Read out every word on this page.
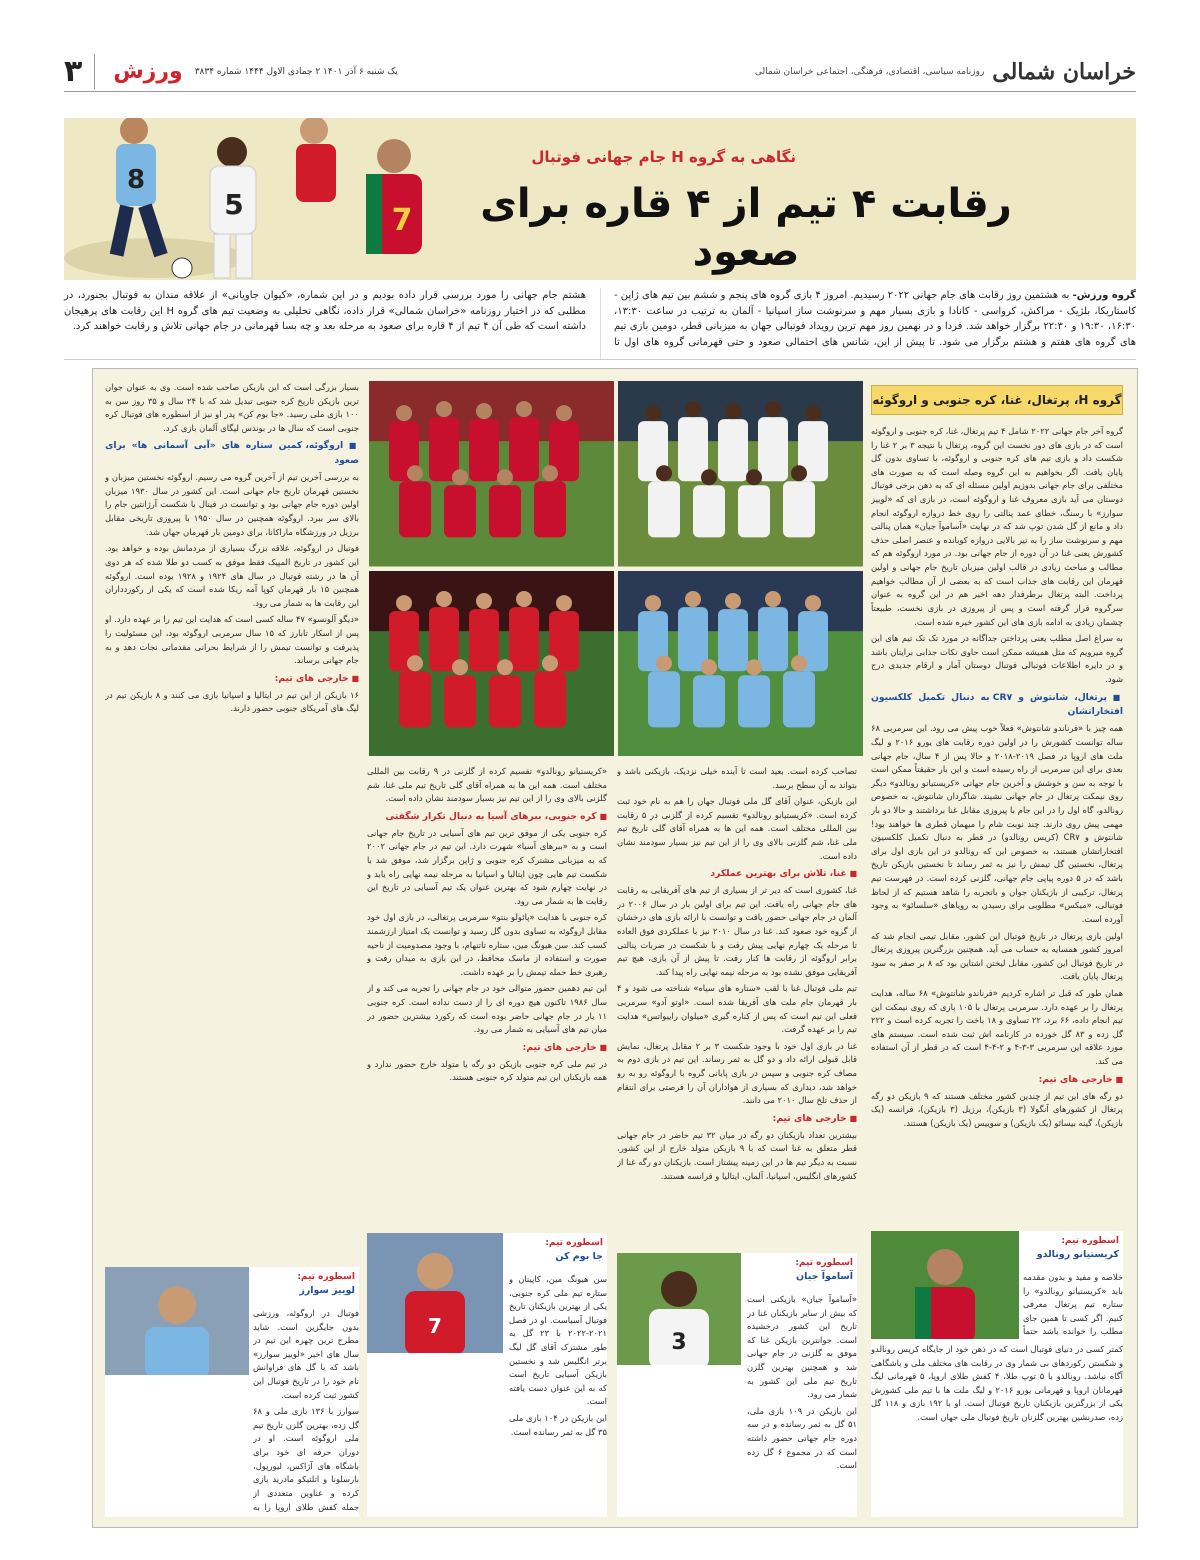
خراسان شمالی
روزنامه سیاسی، اقتصادی، فرهنگی، اجتماعی خراسان شمالی
یک شنبه ۶ آذر ۱۴۰۱ ۲ جمادی الاول ۱۴۴۴ شماره ۳۸۳۴
ورزش
۳
8
5	7
نگاهی به گروه H جام جهانی فوتبال
رقابت ۴ تیم از ۴ قاره برای صعود
گروه ورزش- به هشتمین روز رقابت های جام جهانی ۲۰۲۲ رسیدیم. امروز ۴ بازی گروه های پنجم و ششم بین تیم های ژاپن - کاستاریکا، بلژیک - مراکش، کرواسی - کانادا و بازی بسیار مهم و سرنوشت ساز اسپانیا - آلمان به ترتیب در ساعت ۱۳:۳۰، ۱۶:۳۰، ۱۹:۳۰ و ۲۲:۳۰ برگزار خواهد شد. فردا و در نهمین روز مهم ترین رویداد فوتبالی جهان به میزبانی قطر، دومین بازی تیم های گروه های هفتم و هشتم برگزار می شود. تا پیش از این، شانس های احتمالی صعود و حتی قهرمانی گروه های اول تا هشتم جام جهانی را مورد بررسی قرار داده بودیم و در این شماره، «کیوان جاویانی» از علاقه مندان به فوتبال بجنورد، در مطلبی که در اختیار روزنامه «خراسان شمالی» قرار داده، نگاهی تحلیلی به وضعیت تیم های گروه H این رقابت های پرهیجان داشته است که طی آن ۴ تیم از ۴ قاره برای صعود به مرحله بعد و چه بسا قهرمانی در جام جهانی تلاش و رقابت خواهند کرد.
گروه H، پرتغال، غنا، کره جنوبی و اروگوئه

گروه آخر جام جهانی ۲۰۲۲ شامل ۴ تیم پرتغال، غنا، کره جنوبی و اروگوئه است که در بازی های دور نخست این گروه، پرتغال با نتیجه ۳ بر ۲ غنا را شکست داد و بازی تیم های کره جنوبی و اروگوئه، با تساوی بدون گل پایان یافت. اگر بخواهیم به این گروه وصله است که به صورت های مختلفی برای جام جهانی بدوزیم اولین مسئله ای که به ذهن برخی فوتبال دوستان می آید بازی معروف غنا و اروگوئه است، در بازی ای که «لوییز سوارز» با رسنگ، خطای عمد پنالتی را روی خط دروازه اروگوئه انجام داد و مانع از گل شدن توپ شد که در نهایت «آساموآ جیان» همان پنالتی مهم و سرنوشت ساز را به تیر بالایی دروازه کوبانده و عنصر اصلی حذف کشورش یعنی غنا در آن دوره از جام جهانی بود. در مورد اروگوئه هم که مطالب و مباحث زیادی در قالب اولین میزبان تاریخ جام جهانی و اولین قهرمان این رقابت های جذاب است که به بعضی از آن مطالب خواهیم پرداخت. البته پرتغال برطرفدار دهه اخیر هم در این گروه به عنوان سرگروه قرار گرفته است و پس از پیروزی در بازی نخست، طبیعتاً چشمان زیادی به ادامه بازی های این کشور خیره شده است.

به سراغ اصل مطلب یعنی پرداختن جداگانه در مورد تک تک تیم های این گروه میرویم که مثل همیشه ممکن است حاوی نکات جذابی برایتان باشد و در دایره اطلاعات فوتبالی فوتبال دوستان آمار و ارقام جدیدی درج شود.

■ پرتغال، شانتوش و CR۷ به دنبال تکمیل کلکسیون افتخاراتشان

همه چیز با «فرناندو شانتوش» فعلاً خوب پیش می رود. این سرمربی ۶۸ ساله توانست کشورش را در اولین دوره رقابت های یورو ۲۰۱۶ و لیگ ملت های اروپا در فصل ۲۰۱۹-۲۰۱۸ و حالا پس از ۴ سال، جام جهانی بعدی برای این سرمربی از راه رسیده است و این بار حقیقتاً ممکن است با توجه به سن و خوشش و آخرین جام جهانی «کریستیانو رونالدو» دیگر روی نیمکت پرتغال در جام جهانی نشیند. شاگردان شانتوش، به خصوص رونالدو، گاه اول را در این جام با پیروزی مقابل غنا برداشتند و حالا دو بار مهمی پیش روی دارند. چند نوبت شام را میهمان قطری ها خواهند بود! شانتوش و CR۷ (کریس رونالدو) در قطر به دنبال تکمیل کلکسیون افتخاراتشان هستند، به خصوص این که رونالدو در این بازی اول برای پرتغال، نخستین گل تیمش را نیز به ثمر رساند تا نخستین بازیکن تاریخ باشد که در ۵ دوره پیاپی جام جهانی، گلزنی کرده است. در فهرست تیم پرتغال، ترکیبی از بازیکنان جوان و باتجربه را شاهد هستیم که از لحاظ فوتبالی، «میکس» مطلوبی برای رسیدن به رویاهای «سلسائو» به وجود آورده است.

اولین بازی پرتغال در تاریخ فوتبال این کشور، مقابل تیمی انجام شد که امروز کشور همسایه به حساب می آید. همچنین بزرگترین پیروزی پرتغال در تاریخ فوتبال این کشور، مقابل لیختن اشتاین بود که ۸ بر صفر به سود پرتغال پایان یافت.

همان طور که قبل تر اشاره کردیم «فرناندو شانتوش» ۶۸ ساله، هدایت پرتغال را بر عهده دارد. سرمربی پرتغال با ۱۰۵ بازی که روی نیمکت این تیم انجام داده، ۶۶ برد، ۲۲ تساوی و ۱۸ باخت را تجربه کرده است و ۲۲۲ گل زده و ۸۳ گل خورده در کارنامه اش ثبت شده است. سیستم های مورد علاقه این سرمربی ۳-۳-۴ و ۲-۴-۴ است که در قطر از آن استفاده می کند.

■ خارجی های تیم:

دو رگه های این تیم از چندین کشور مختلف هستند که ۹ بازیکن دو رگه پرتغال از کشورهای آنگولا (۳ بازیکن)، برزیل (۳ بازیکن)، فرانسه (یک بازیکن)، گینه بیسائو (یک بازیکن) و سوییس (یک بازیکن) هستند.

اسطوره تیم:
کریستیانو رونالدو

خلاصه و مفید و بدون مقدمه باید «کریستیانو رونالدو» را ستاره تیم پرتغال معرفی کنیم. اگر کسی تا همین جای مطلب را خوانده باشد حتماً

کمتر کسی در دنیای فوتبال است که در ذهن خود از جایگاه کریس رونالدو و شکستن رکوردهای بی شمار وی در رقابت های مختلف ملی و باشگاهی آگاه نباشد. رونالدو با ۵ توپ طلا، ۴ کفش طلای اروپا، ۵ قهرمانی لیگ قهرمانان اروپا و قهرمانی یورو ۲۰۱۶ و لیگ ملت ها با تیم ملی کشورش یکی از بزرگترین بازیکنان تاریخ فوتبال است. او با ۱۹۲ بازی و ۱۱۸ گل زده، صدرنشین بهترین گلزنان تاریخ فوتبال ملی جهان است.

تصاحب کرده است. بعید است تا آینده خیلی نزدیک، بازیکنی باشد و بتواند به آن سطح برسد.

این بازیکن، عنوان آقای گل ملی فوتبال جهان را هم به نام خود ثبت کرده است. «کریستیانو رونالدو» تقسیم کرده از گلزنی در ۵ رقابت بین المللی مختلف است. همه این ها به همراه آقای گلی تاریخ تیم ملی غنا، شم گلزنی بالای وی را از این تیم نیز بسیار سودمند نشان داده است.

■ غنا، تلاش برای بهترین عملکرد

غنا، کشوری است که دیر تر از بسیاری از تیم های آفریقایی به رقابت های جام جهانی راه یافت. این تیم برای اولین بار در سال ۲۰۰۶ در آلمان در جام جهانی حضور یافت و توانست با ارائه بازی های درخشان از گروه خود صعود کند. غنا در سال ۲۰۱۰ نیز با عملکردی فوق العاده تا مرحله یک چهارم نهایی پیش رفت و با شکست در ضربات پنالتی برابر اروگوئه از رقابت ها کنار رفت. تا پیش از آن بازی، هیچ تیم آفریقایی موفق نشده بود به مرحله نیمه نهایی راه پیدا کند.

تیم ملی فوتبال غنا با لقب «ستاره های سیاه» شناخته می شود و ۴ بار قهرمان جام ملت های آفریقا شده است. «اوتو آدو» سرمربی فعلی این تیم است که پس از کناره گیری «میلوان راییواتس» هدایت تیم را بر عهده گرفت.

غنا در بازی اول خود با وجود شکست ۳ بر ۲ مقابل پرتغال، نمایش قابل قبولی ارائه داد و دو گل به ثمر رساند. این تیم در بازی دوم به مصاف کره جنوبی و سپس در بازی پایانی گروه با اروگوئه رو به رو خواهد شد، دیداری که بسیاری از هواداران آن را فرصتی برای انتقام از حذف تلخ سال ۲۰۱۰ می دانند.

■ خارجی های تیم:

بیشترین تعداد بازیکنان دو رگه در میان ۳۲ تیم حاضر در جام جهانی قطر متعلق به غنا است که با ۹ بازیکن متولد خارج از این کشور، نسبت به دیگر تیم ها در این زمینه پیشتاز است. بازیکنان دو رگه غنا از کشورهای انگلیس، اسپانیا، آلمان، ایتالیا و فرانسه هستند.

3
اسطوره تیم:
آساموآ جیان

«آساموآ جیان» بازیکنی است که بیش از سایر بازیکنان غنا در تاریخ این کشور درخشیده است. جوانترین بازیکن غنا که موفق به گلزنی در جام جهانی شد و همچنین بهترین گلزن تاریخ تیم ملی این کشور به شمار می رود.

این بازیکن در ۱۰۹ بازی ملی، ۵۱ گل به ثمر رسانده و در سه دوره جام جهانی حضور داشته است که در مجموع ۶ گل زده است.

«کریستیانو رونالدو» تقسیم کرده از گلزنی در ۹ رقابت بین المللی مختلف است. همه این ها به همراه آقای گلی تاریخ تیم ملی غنا، شم گلزنی بالای وی را از این تیم نیز بسیار سودمند نشان داده است.

■ کره جنوبی، ببرهای آسیا به دنبال تکرار شگفتی

کره جنوبی یکی از موفق ترین تیم های آسیایی در تاریخ جام جهانی است و به «ببرهای آسیا» شهرت دارد. این تیم در جام جهانی ۲۰۰۲ که به میزبانی مشترک کره جنوبی و ژاپن برگزار شد، موفق شد با شکست تیم هایی چون ایتالیا و اسپانیا به مرحله نیمه نهایی راه یابد و در نهایت چهارم شود که بهترین عنوان یک تیم آسیایی در تاریخ این رقابت ها به شمار می رود.

کره جنوبی با هدایت «پائولو بنتو» سرمربی پرتغالی، در بازی اول خود مقابل اروگوئه به تساوی بدون گل رسید و توانست یک امتیاز ارزشمند کسب کند. سن هیونگ مین، ستاره تاتنهام، با وجود مصدومیت از ناحیه صورت و استفاده از ماسک محافظ، در این بازی به میدان رفت و رهبری خط حمله تیمش را بر عهده داشت.

این تیم دهمین حضور متوالی خود در جام جهانی را تجربه می کند و از سال ۱۹۸۶ تاکنون هیچ دوره ای را از دست نداده است. کره جنوبی ۱۱ بار در جام جهانی حاضر بوده است که رکورد بیشترین حضور در میان تیم های آسیایی به شمار می رود.

■ خارجی های تیم:

در تیم ملی کره جنوبی بازیکن دو رگه یا متولد خارج حضور ندارد و همه بازیکنان این تیم متولد کره جنوبی هستند.

7
اسطوره تیم:
جا بوم کن

سن هیونگ مین، کاپیتان و ستاره تیم ملی کره جنوبی، یکی از بهترین بازیکنان تاریخ فوتبال آسیاست. او در فصل ۲۰۲۱-۲۰۲۲ با ۲۳ گل به طور مشترک آقای گل لیگ برتر انگلیس شد و نخستین بازیکن آسیایی تاریخ است که به این عنوان دست یافته است.

این بازیکن در ۱۰۴ بازی ملی ۳۵ گل به ثمر رسانده است.

بسیار بزرگی است که این بازیکن صاحب شده است. وی به عنوان جوان ترین بازیکن تاریخ کره جنوبی تبدیل شد که با ۲۴ سال و ۳۵ روز سن به ۱۰۰ بازی ملی رسید. «جا بوم کن» پدر او نیز از اسطوره های فوتبال کره جنوبی است که سال ها در بوندس لیگای آلمان بازی کرد.

■ اروگوئه، کمین ستاره های «آبی آسمانی ها» برای صعود

به بررسی آخرین تیم از آخرین گروه می رسیم. اروگوئه نخستین میزبان و نخستین قهرمان تاریخ جام جهانی است. این کشور در سال ۱۹۳۰ میزبان اولین دوره جام جهانی بود و توانست در فینال با شکست آرژانتین جام را بالای سر ببرد. اروگوئه همچنین در سال ۱۹۵۰ با پیروزی تاریخی مقابل برزیل در ورزشگاه ماراکانا، برای دومین بار قهرمان جهان شد.

فوتبال در اروگوئه، علاقه بزرگ بسیاری از مردمانش بوده و خواهد بود. این کشور در تاریخ المپیک فقط موفق به کسب دو طلا شده که هر دوی آن ها در رشته فوتبال در سال های ۱۹۲۴ و ۱۹۲۸ بوده است. اروگوئه همچنین ۱۵ بار قهرمان کوپا آمه ریکا شده است که یکی از رکوردداران این رقابت ها به شمار می رود.

«دیگو آلونسو» ۴۷ ساله کسی است که هدایت این تیم را بر عهده دارد. او پس از اسکار تابارز که ۱۵ سال سرمربی اروگوئه بود، این مسئولیت را پذیرفت و توانست تیمش را از شرایط بحرانی مقدماتی نجات دهد و به جام جهانی برساند.

■ خارجی های تیم:

۱۶ بازیکن از این تیم در ایتالیا و اسپانیا بازی می کنند و ۸ بازیکن تیم در لیگ های آمریکای جنوبی حضور دارند.

اسطوره تیم:
لوییز سوارز

فوتبال در اروگوئه، ورزشی بدون جایگزین است. شاید مطرح ترین چهره این تیم در سال های اخیر «لوییز سوارز» باشد که با گل های فراوانش نام خود را در تاریخ فوتبال این کشور ثبت کرده است.

سوارز با ۱۳۶ بازی ملی و ۶۸ گل زده، بهترین گلزن تاریخ تیم ملی اروگوئه است. او در دوران حرفه ای خود برای باشگاه های آژاکس، لیورپول، بارسلونا و اتلتیکو مادرید بازی کرده و عناوین متعددی از جمله کفش طلای اروپا را به
